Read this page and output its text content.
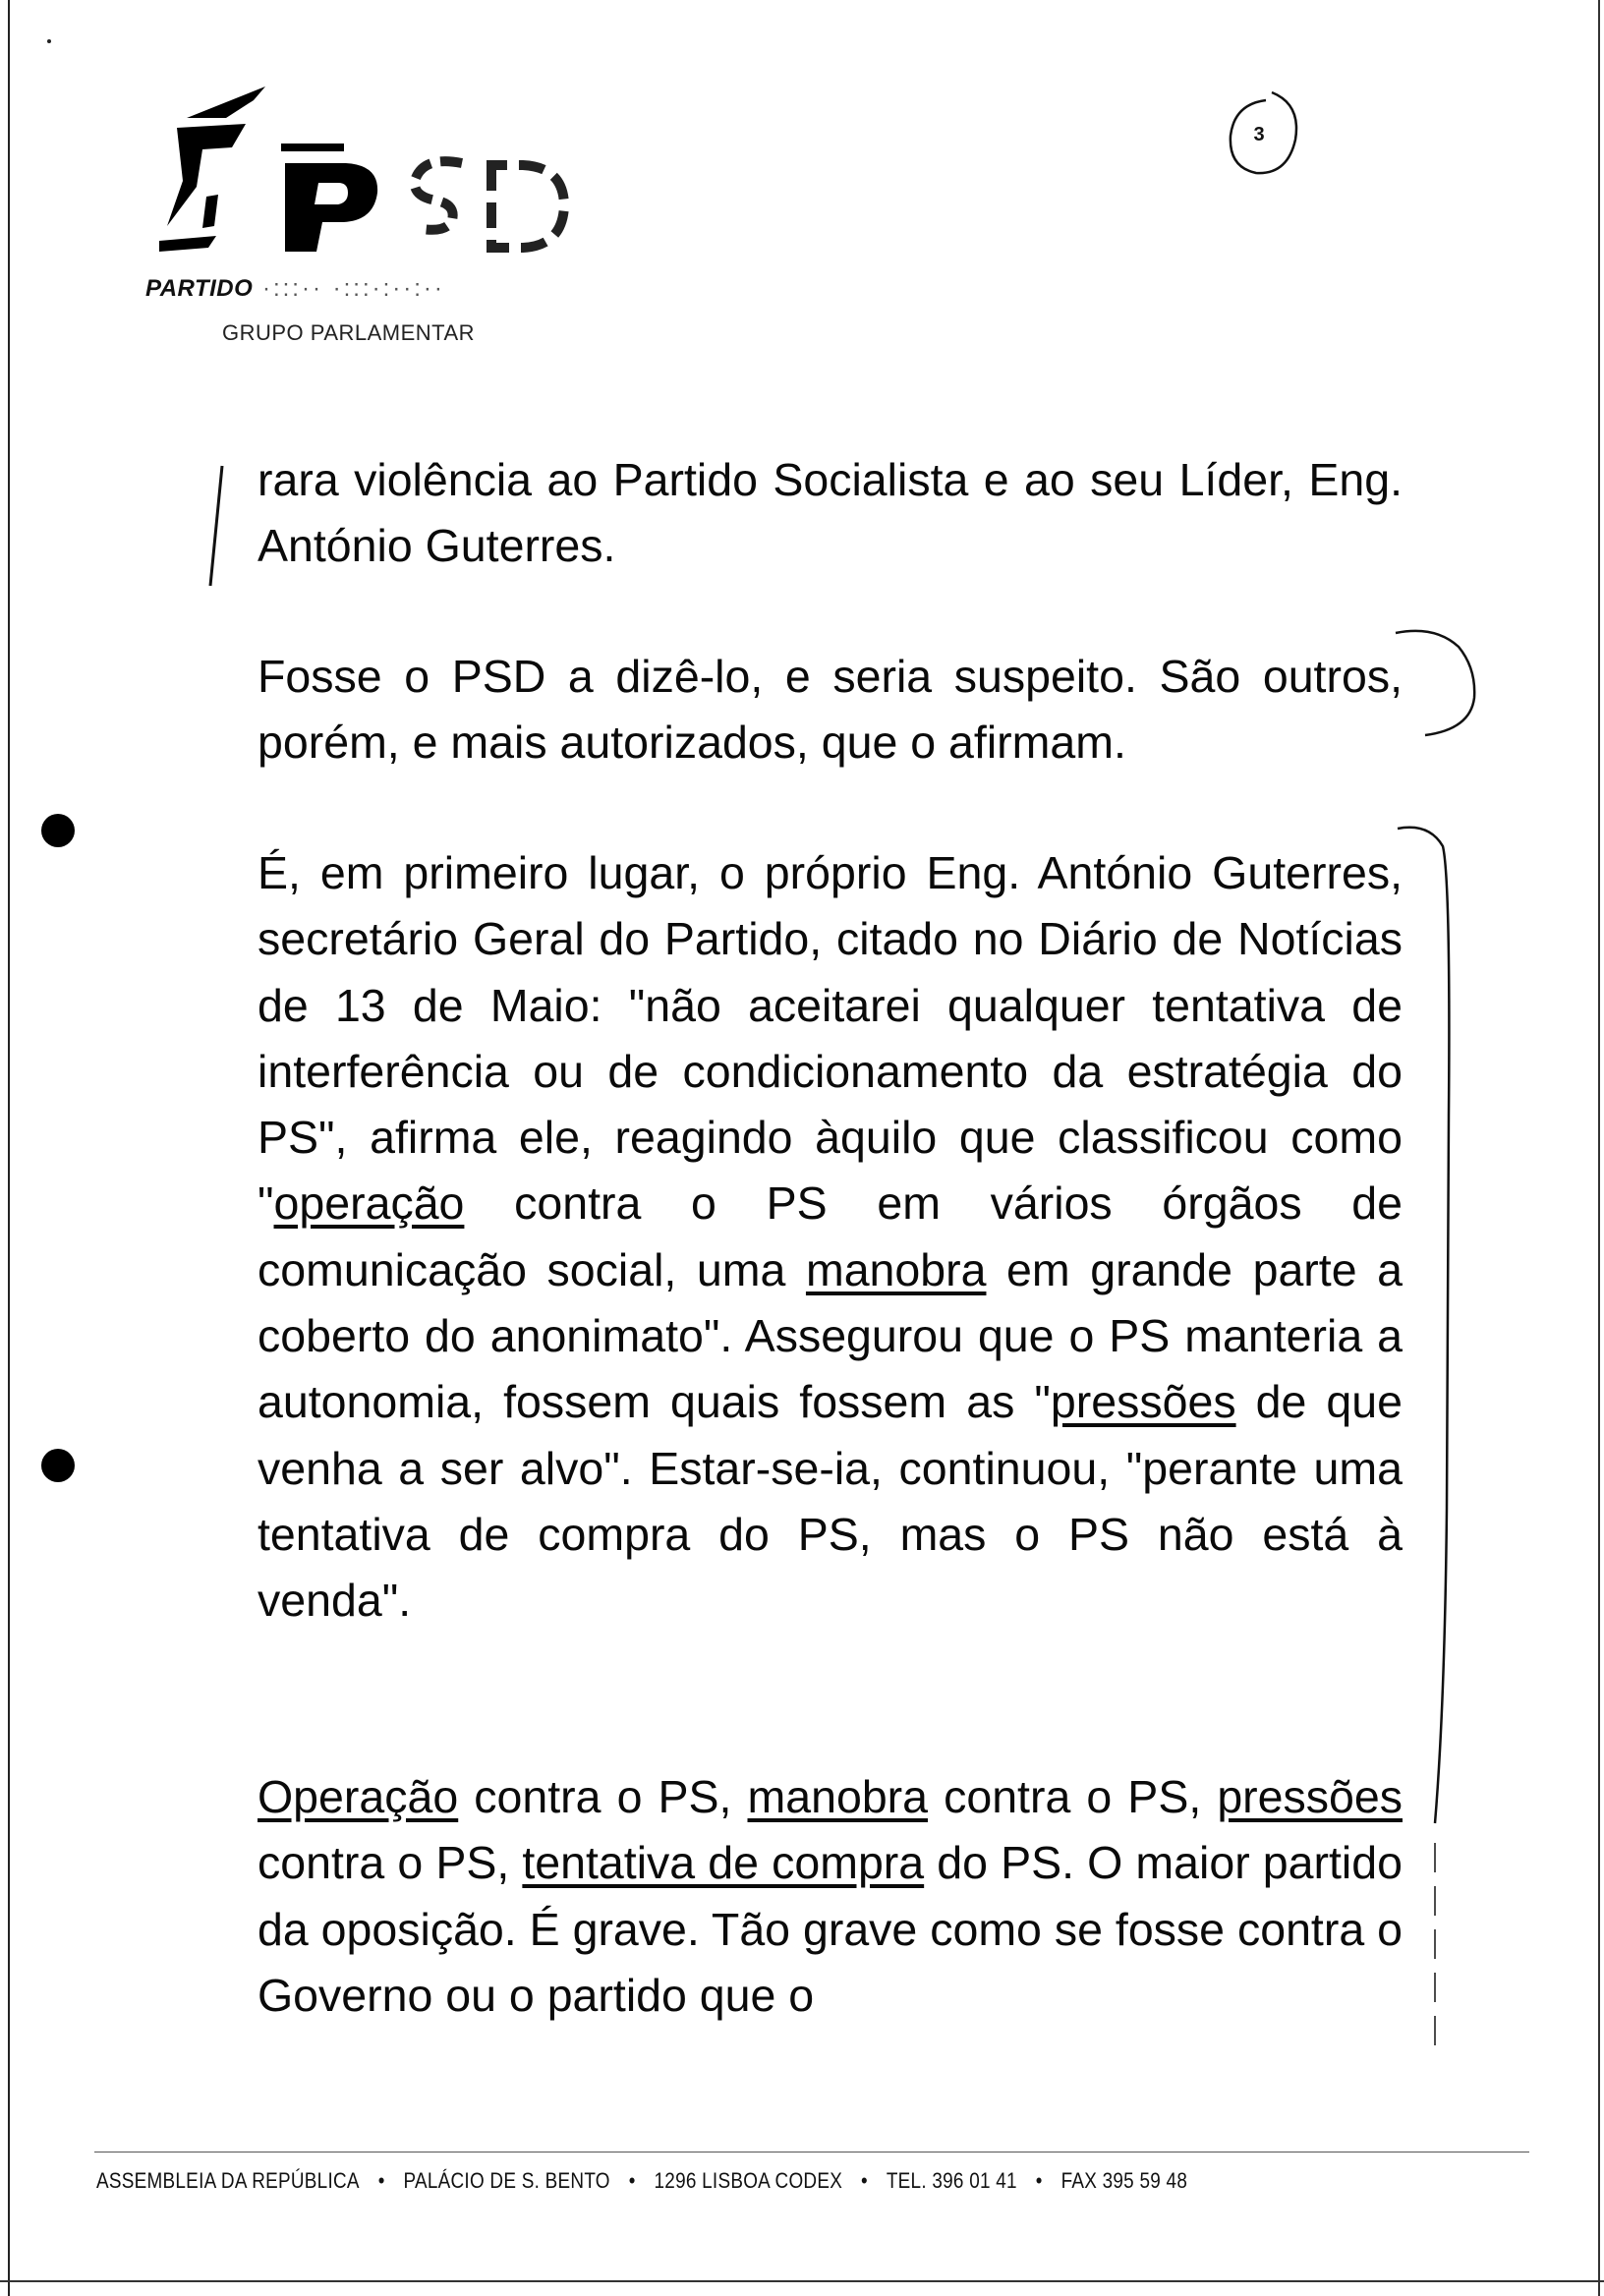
PARTIDO ·:::·· ·:::·:··:··
GRUPO PARLAMENTAR
3

rara violência ao Partido Socialista e ao seu Líder, Eng. António Guterres.

Fosse o PSD a dizê-lo, e seria suspeito. São outros, porém, e mais autorizados, que o afirmam.

É, em primeiro lugar, o próprio Eng. António Guterres, secretário Geral do Partido, citado no Diário de Notícias de 13 de Maio: "não aceitarei qualquer tentativa de interferência ou de condicionamento da estratégia do PS", afirma ele, reagindo àquilo que classificou como "operação contra o PS em vários órgãos de comunicação social, uma manobra em grande parte a coberto do anonimato". Assegurou que o PS manteria a autonomia, fossem quais fossem as "pressões de que venha a ser alvo". Estar-se-ia, continuou, "perante uma tentativa de compra do PS, mas o PS não está à venda".

Operação contra o PS, manobra contra o PS, pressões contra o PS, tentativa de compra do PS. O maior partido da oposição. É grave. Tão grave como se fosse contra o Governo ou o partido que o

ASSEMBLEIA DA REPÚBLICA • PALÁCIO DE S. BENTO • 1296 LISBOA CODEX • TEL. 396 01 41 • FAX 395 59 48
